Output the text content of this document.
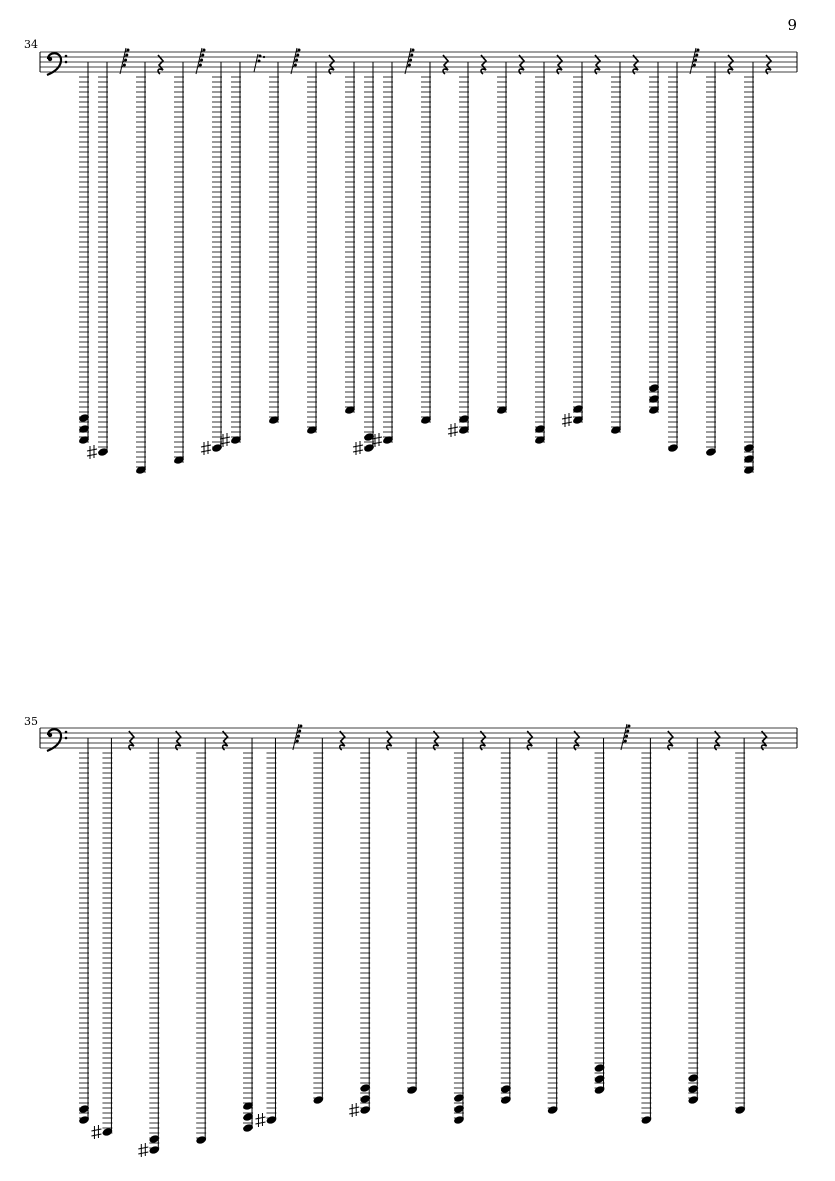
9
34
35
